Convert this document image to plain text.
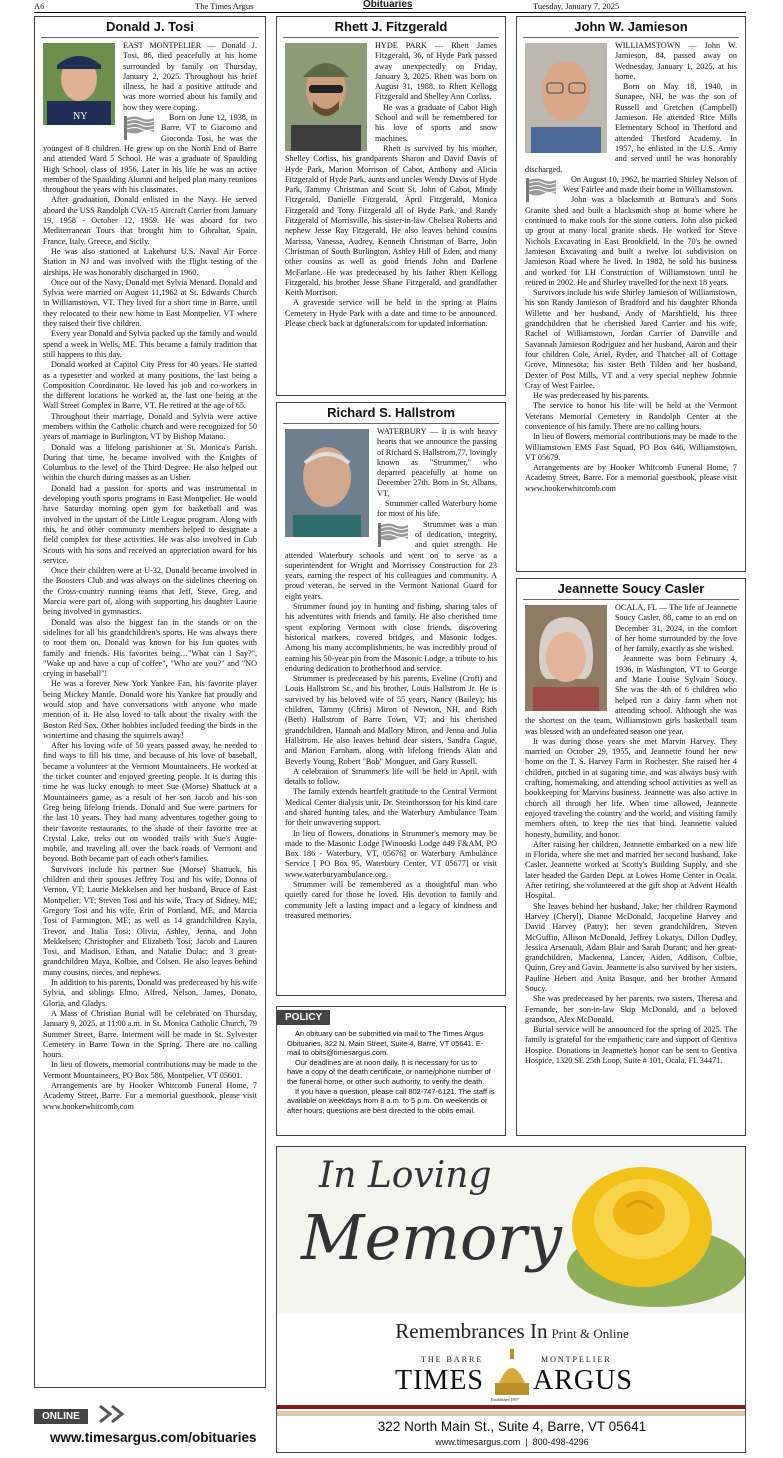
A6	The Times Argus	Obituaries	Tuesday, January 7, 2025
Donald J. Tosi
NY

EAST MONTPELIER — Donald J. Tosi, 86, died peacefully at his home surrounded by family on Thursday, January 2, 2025. Throughout his brief illness, he had a positive attitude and was more worried about his family and how they were coping.

Born on June 12, 1938, in Barre, VT to Giacomo and Gioconda Tosi, he was the youngest of 8 children. He grew up on the North End of Barre and attended Ward 5 School. He was a graduate of Spaulding High School, class of 1956. Later in his life he was an active member of the Spaulding Alumni and helped plan many reunions throughout the years with his classmates.

After graduation, Donald enlisted in the Navy. He served aboard the USS Randolph CVA-15 Aircraft Carrier from January 19, 1958 - October 12, 1959. He was aboard for two Mediterranean Tours that brought him to Gibraltar, Spain, France, Italy, Greece, and Sicily.

He was also stationed at Lakehurst U.S. Naval Air Force Station in NJ and was involved with the flight testing of the airships. He was honorably discharged in 1960.

Once out of the Navy, Donald met Sylvia Menard. Donald and Sylvia were married on August 11,1962 at St. Edwards Church in Williamstown, VT. They lived for a short time in Barre, until they relocated to their new home in East Montpelier, VT where they raised their five children.

Every year Donald and Sylvia packed up the family and would spend a week in Wells, ME. This became a family tradition that still happens to this day.

Donald worked at Capitol City Press for 40 years. He started as a typesetter and worked at many positions, the last being a Composition Coordinator. He loved his job and co-workers in the different locations he worked at, the last one being at the Wall Street Complex in Barre, VT. He retired at the age of 65.

Throughout their marriage, Donald and Sylvia were active members within the Catholic church and were recognized for 50 years of marriage in Burlington, VT by Bishop Matano.

Donald was a lifelong parishioner at St. Monica's Parish. During that time, he became involved with the Knights of Columbus to the level of the Third Degree. He also helped out within the church during masses as an Usher.

Donald had a passion for sports and was instrumental in developing youth sports programs in East Montpelier. He would have Saturday morning open gym for basketball and was involved in the upstart of the Little League program. Along with this, he and other community members helped to designate a field complex for these activities. He was also involved in Cub Scouts with his sons and received an appreciation award for his service.

Once their children were at U-32, Donald became involved in the Boosters Club and was always on the sidelines cheering on the Cross-country running teams that Jeff, Steve, Greg, and Marcia were part of, along with supporting his daughter Laurie being involved in gymnastics.

Donald was also the biggest fan in the stands or on the sidelines for all his grandchildren's sports. He was always there to root them on. Donald was known for his fun quotes with family and friends. His favorites being…"What can I Say?", "Wake up and have a cup of coffee", "Who are you?" and "NO crying in baseball"!

He was a forever New York Yankee Fan, his favorite player being Mickey Mantle. Donald wore his Yankee hat proudly and would stop and have conversations with anyone who made mention of it. He also loved to talk about the rivalry with the Boston Red Sox. Other hobbies included feeding the birds in the wintertime and chasing the squirrels away!

After his loving wife of 50 years passed away, he needed to find ways to fill his time, and because of his love of baseball, became a volunteer at the Vermont Mountaineers. He worked at the ticket counter and enjoyed greeting people. It is during this time he was lucky enough to meet Sue (Morse) Shattuck at a Mountaineers game, as a result of her son Jacob and his son Greg being lifelong friends. Donald and Sue were partners for the last 10 years. They had many adventures together going to their favorite restaurants, to the shade of their favorite tree at Crystal Lake, treks out on wooded trails with Sue's Augie-mobile, and traveling all over the back roads of Vermont and beyond. Both became part of each other's families.

Survivors include his partner Sue (Morse) Shattuck, his children and their spouses Jeffrey Tosi and his wife, Donna of Vernon, VT; Laurie Mekkelsen and her husband, Bruce of East Montpelier, VT; Steven Tosi and his wife, Tracy of Sidney, ME; Gregory Tosi and his wife, Erin of Portland, ME, and Marcia Tosi of Farmington, ME; as well as 14 grandchildren Kayla, Trevor, and Italia Tosi; Olivia, Ashley, Jenna, and John Mekkelsen; Christopher and Elizabeth Tosi; Jacob and Lauren Tosi, and Madison, Ethan, and Natalie Dulac; and 3 great-grandchildren Maya, Kolbie, and Colsen. He also leaves behind many cousins, nieces, and nephews.

In addition to his parents, Donald was predeceased by his wife Sylvia, and siblings Elmo, Alfred, Nelson, James, Donato, Gloria, and Gladys.

A Mass of Christian Burial will be celebrated on Thursday, January 9, 2025, at 11:00 a.m. in St. Monica Catholic Church, 79 Summer Street, Barre. Interment will be made in St. Sylvester Cemetery in Barre Town in the Spring. There are no calling hours.

In lieu of flowers, memorial contributions may be made to the Vermont Mountaineers, PO Box 586, Montpelier, VT 05601.

Arrangements are by Hooker Whitcomb Funeral Home, 7 Academy Street, Barre. For a memorial guestbook, please visit www.hookerwhitcomb.com

Rhett J. Fitzgerald

HYDE PARK — Rhett James Fitzgerald, 36, of Hyde Park passed away unexpectedly on Friday, January 3, 2025. Rhett was born on August 31, 1988, to Rhett Kellogg Fitzgerald and Shelley Ann Corliss.

He was a graduate of Cabot High School and will be remembered for his love of sports and snow machines.

Rhett is survived by his mother, Shelley Corliss, his grandparents Sharon and David Davis of Hyde Park, Marion Morrison of Cabot, Anthony and Alicia Fitzgerald of Hyde Park, aunts and uncles Wendy Davis of Hyde Park, Tammy Christman and Scott St. John of Cabot, Mindy Fitzgerald, Danielle Fitzgerald, April Fitzgerald, Monica Fitzgerald and Tony Fitzgerald all of Hyde Park, and Randy Fitzgerald of Morrisville, his sister-in-law Chelsea Roberts and nephew Jesse Ray Fitzgerald. He also leaves behind cousins Marissa, Vanessa, Audrey, Kenneth Christman of Barre, John Christman of South Burlington, Ashley Hill of Eden, and many other cousins as well as good friends John and Darlene McFarlane. He was predeceased by his father Rhett Kellogg Fitzgerald, his brother Jesse Shane Fitzgerald, and grandfather Keith Morrison.

A graveside service will be held in the spring at Plains Cemetery in Hyde Park with a date and time to be announced. Please check back at dgfunerals.com for updated information.

Richard S. Hallstrom

WATERBURY — It is with heavy hearts that we announce the passing of Richard S. Hallstrom,77, lovingly known as "Strummer," who departed peacefully at home on December 27th. Born in St. Albans, VT,

Strummer called Waterbury home for most of his life.

Strummer was a man of dedication, integrity, and quiet strength. He attended Waterbury schools and went on to serve as a superintendent for Wright and Morrissey Construction for 23 years, earning the respect of his colleagues and community. A proud veteran, he served in the Vermont National Guard for eight years.

Strummer found joy in hunting and fishing, sharing tales of his adventures with friends and family. He also cherished time spent exploring Vermont with close friends, discovering historical markers, covered bridges, and Masonic lodges. Among his many accomplishments, he was incredibly proud of earning his 50-year pin from the Masonic Lodge, a tribute to his enduring dedication to brotherhood and service.

Strummer is predeceased by his parents, Eveline (Croft) and Louis Hallstrom Sr., and his brother, Louis Hallstrom Jr. He is survived by his beloved wife of 55 years, Nancy (Bailey); his children, Tammy (Chris) Miron of Newton, NH, and Rich (Beth) Hallstrom of Barre Town, VT; and his cherished grandchildren, Hannah and Mallory Miron, and Jenna and Julia Hallstrom. He also leaves behind dear sisters, Sandra Gague, and Marion Farnham, along with lifelong friends Alan and Beverly Young, Robert "Bob" Monguer, and Gary Russell.

A celebration of Strummer's life will be held in April, with details to follow.

The family extends heartfelt gratitude to the Central Vermont Medical Center dialysis unit, Dr. Steinthorsson for his kind care and shared hunting tales, and the Waterbury Ambulance Team for their unwavering support.

In lieu of flowers, donations in Strummer's memory may be made to the Masonic Lodge [Winooski Lodge #49 F&AM, PO Box 186 - Waterbury, VT, 05676] or Waterbury Ambulance Service [ PO Box 95, Waterbury Center, VT 05677] or visit www.waterburyambulance.org.

Strummer will be remembered as a thoughtful man who quietly cared for those he loved. His devotion to family and community left a lasting impact and a legacy of kindness and treasured memories.

POLICY

An obituary can be submitted via mail to The Times Argus Obituaries, 322 N. Main Street, Suite 4, Barre, VT 05641. E-mail to obits@timesargus.com.

Our deadlines are at noon daily. It is necessary for us to have a copy of the death certificate, or name/phone number of the funeral home, or other such authority, to verify the death.

If you have a question, please call 802-747-6121. The staff is available on weekdays from 8 a.m. to 5 p.m. On weekends or after hours, questions are best directed to the obits email.

John W. Jamieson

WILLIAMSTOWN — John W. Jamieson, 84, passed away on Wednesday, January 1, 2025, at his home.

Born on May 18, 1940, in Sunapee, NH, he was the son of Russell and Gretchen (Campbell) Jamieson. He attended Rice Mills Elementary School in Thetford and attended Thetford Academy. In 1957, he enlisted in the U.S. Army and served until he was honorably discharged.

On August 10, 1962, he married Shirley Nelson of West Fairlee and made their home in Williamstown.

John was a blacksmith at Buttura's and Sons Granite shed and built a blacksmith shop at home where he continued to make tools for the stone cutters. John also picked up grout at many local granite sheds. He worked for Steve Nichols Excavating in East Brookfield. In the 70's he owned Jamieson Excavating and built a twelve lot subdivision on Jamieson Road where he lived. In 1982, he sold his business and worked for LH Construction of Williamstown until he retired in 2002. He and Shirley travelled for the next 18 years.

Survivors include his wife Shirley Jamieson of Williamstown, his son Randy Jamieson of Bradford and his daughter Rhonda Willette and her husband, Andy of Marshfield, his three grandchildren that he cherished Jared Carrier and his wife, Rachel of Williamstown, Jordan Carrier of Danville and Savannah Jamieson Rodriguez and her husband, Aaron and their four children Cole, Ariel, Ryder, and Thatcher all of Cottage Grove, Minnesota; his sister Beth Tilden and her husband, Dexter of Post Mills, VT and a very special nephew Johnnie Cray of West Fairlee.

He was predeceased by his parents.

The service to honor his life will be held at the Vermont Veterans Memorial Cemetery in Randolph Center at the convenience of his family. There are no calling hours.

In lieu of flowers, memorial contributions may be made to the Williamstown EMS Fast Squad, PO Box 646, Williamstown, VT 05679.

Arrangements are by Hooker Whitcomb Funeral Home, 7 Academy Street, Barre. For a memorial guestbook, please visit www.hookerwhitcomb.com

Jeannette Soucy Casler

OCALA, FL — The life of Jeannette Soucy Casler, 88, came to an end on December 31, 2024, in the comfort of her home surrounded by the love of her family, exactly as she wished.

Jeannette was born February 4, 1936, in Washington, VT to George and Marie Louise Sylvain Soucy. She was the 4th of 6 children who helped run a dairy farm when not attending school. Although she was the shortest on the team, Williamstown girls basketball team was blessed with an undefeated season one year.

It was during those years she met Marvin Harvey. They married on October 29, 1955, and Jeannette found her new home on the T. S. Harvey Farm in Rochester. She raised her 4 children, pitched in at sugaring time, and was always busy with crafting, homemaking, and attending school activities as well as bookkeeping for Marvins business. Jeannette was also active in church all through her life. When time allowed, Jeannette enjoyed traveling the country and the world, and visiting family members often, to keep the ties that bind. Jeannette valued honesty, humility, and honor.

After raising her children, Jeannette embarked on a new life in Florida, where she met and married her second husband, Jake Casler. Jeannette worked at Scotty's Building Supply, and she later headed the Garden Dept. at Lowes Home Center in Ocala. After retiring, she volunteered at the gift shop at Advent Health Hospital.

She leaves behind her husband, Jake; her children Raymond Harvey (Cheryl), Dianne McDonald, Jacqueline Harvey and David Harvey (Patty); her seven grandchildren, Steven McGuffin, Allison McDonald, Jeffrey Lokatys, Dillon Dudley, Jessica Arsenault, Adam Blair and Sarah Durant; and her great-grandchildren, Mackenna, Lancer, Aiden, Addison, Colbie, Quinn, Grey and Gavin. Jeannette is also survived by her sisters, Pauline Hebert and Anita Busque, and her brother Armand Soucy.

She was predeceased by her parents, two sisters, Theresa and Fernande, her son-in-law Skip McDonald, and a beloved grandson, Alex McDonald.

Burial service will be announced for the spring of 2025. The family is grateful for the empathetic care and support of Gentiva Hospice. Donations in Jeannette's honor can be sent to Gentiva Hospice, 1320 SE 25th Loop, Suite # 101, Ocala, FL 34471.

ONLINE
www.timesargus.com/obituaries
In Loving
Memory
Remembrances In Print & Online
THE BARRE	MONTPELIER
TIMES ARGUS
Established 1897
322 North Main St., Suite 4, Barre, VT 05641
www.timesargus.com  |  800-498-4296
